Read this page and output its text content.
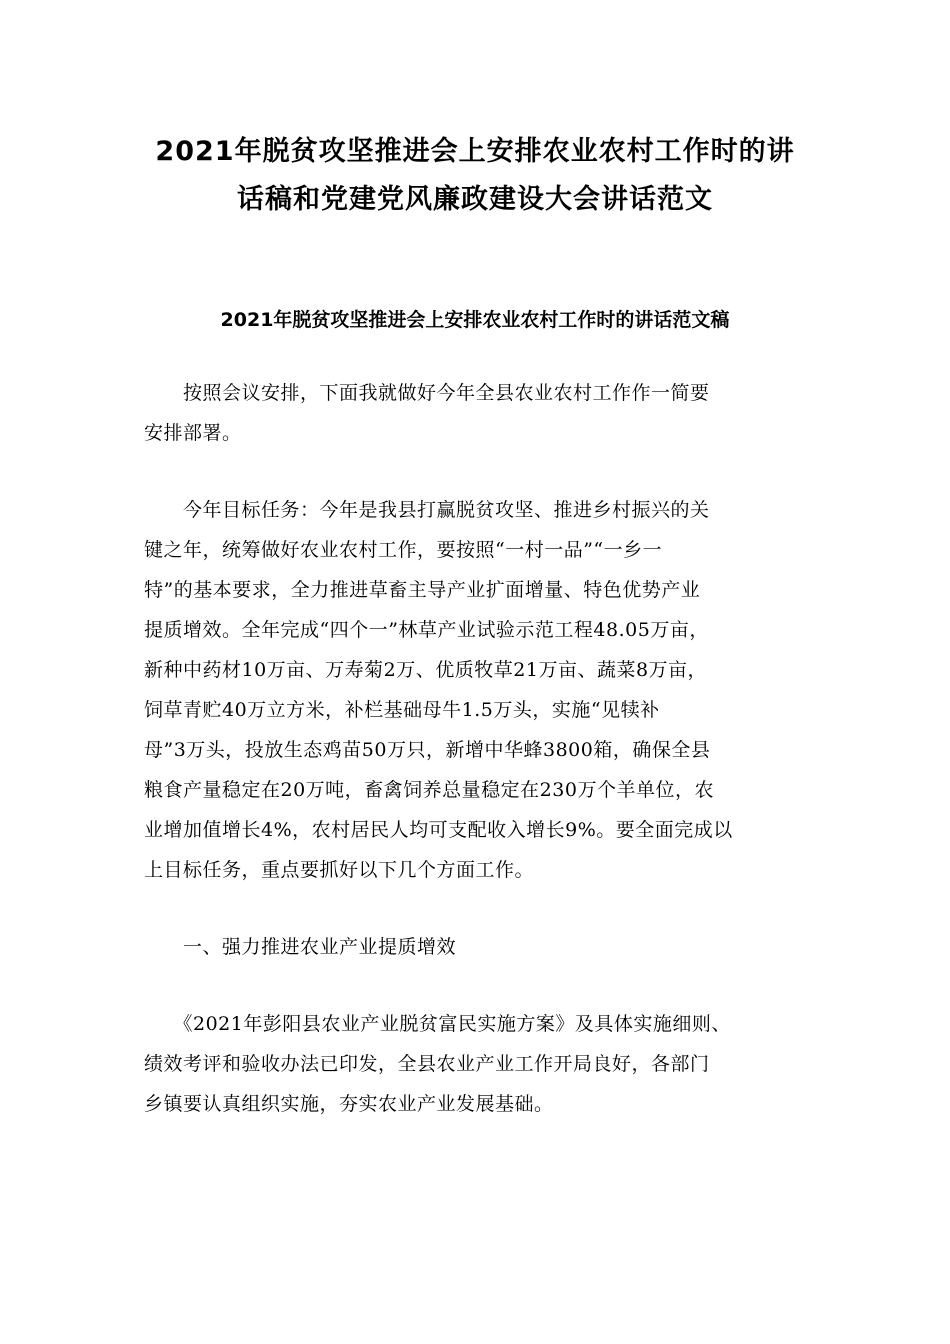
2021年脱贫攻坚推进会上安排农业农村工作时的讲
话稿和党建党风廉政建设大会讲话范文
2021年脱贫攻坚推进会上安排农业农村工作时的讲话范文稿

　　按照会议安排，下面我就做好今年全县农业农村工作作一简要
安排部署。

　　今年目标任务：今年是我县打赢脱贫攻坚、推进乡村振兴的关
键之年，统筹做好农业农村工作，要按照“一村一品”“一乡一
特”的基本要求，全力推进草畜主导产业扩面增量、特色优势产业
提质增效。全年完成“四个一”林草产业试验示范工程48.05万亩，
新种中药材10万亩、万寿菊2万、优质牧草21万亩、蔬菜8万亩，
饲草青贮40万立方米，补栏基础母牛1.5万头，实施“见犊补
母”3万头，投放生态鸡苗50万只，新增中华蜂3800箱，确保全县
粮食产量稳定在20万吨，畜禽饲养总量稳定在230万个羊单位，农
业增加值增长4%，农村居民人均可支配收入增长9%。要全面完成以
上目标任务，重点要抓好以下几个方面工作。

　　一、强力推进农业产业提质增效

　　《2021年彭阳县农业产业脱贫富民实施方案》及具体实施细则、
绩效考评和验收办法已印发，全县农业产业工作开局良好，各部门
乡镇要认真组织实施，夯实农业产业发展基础。
